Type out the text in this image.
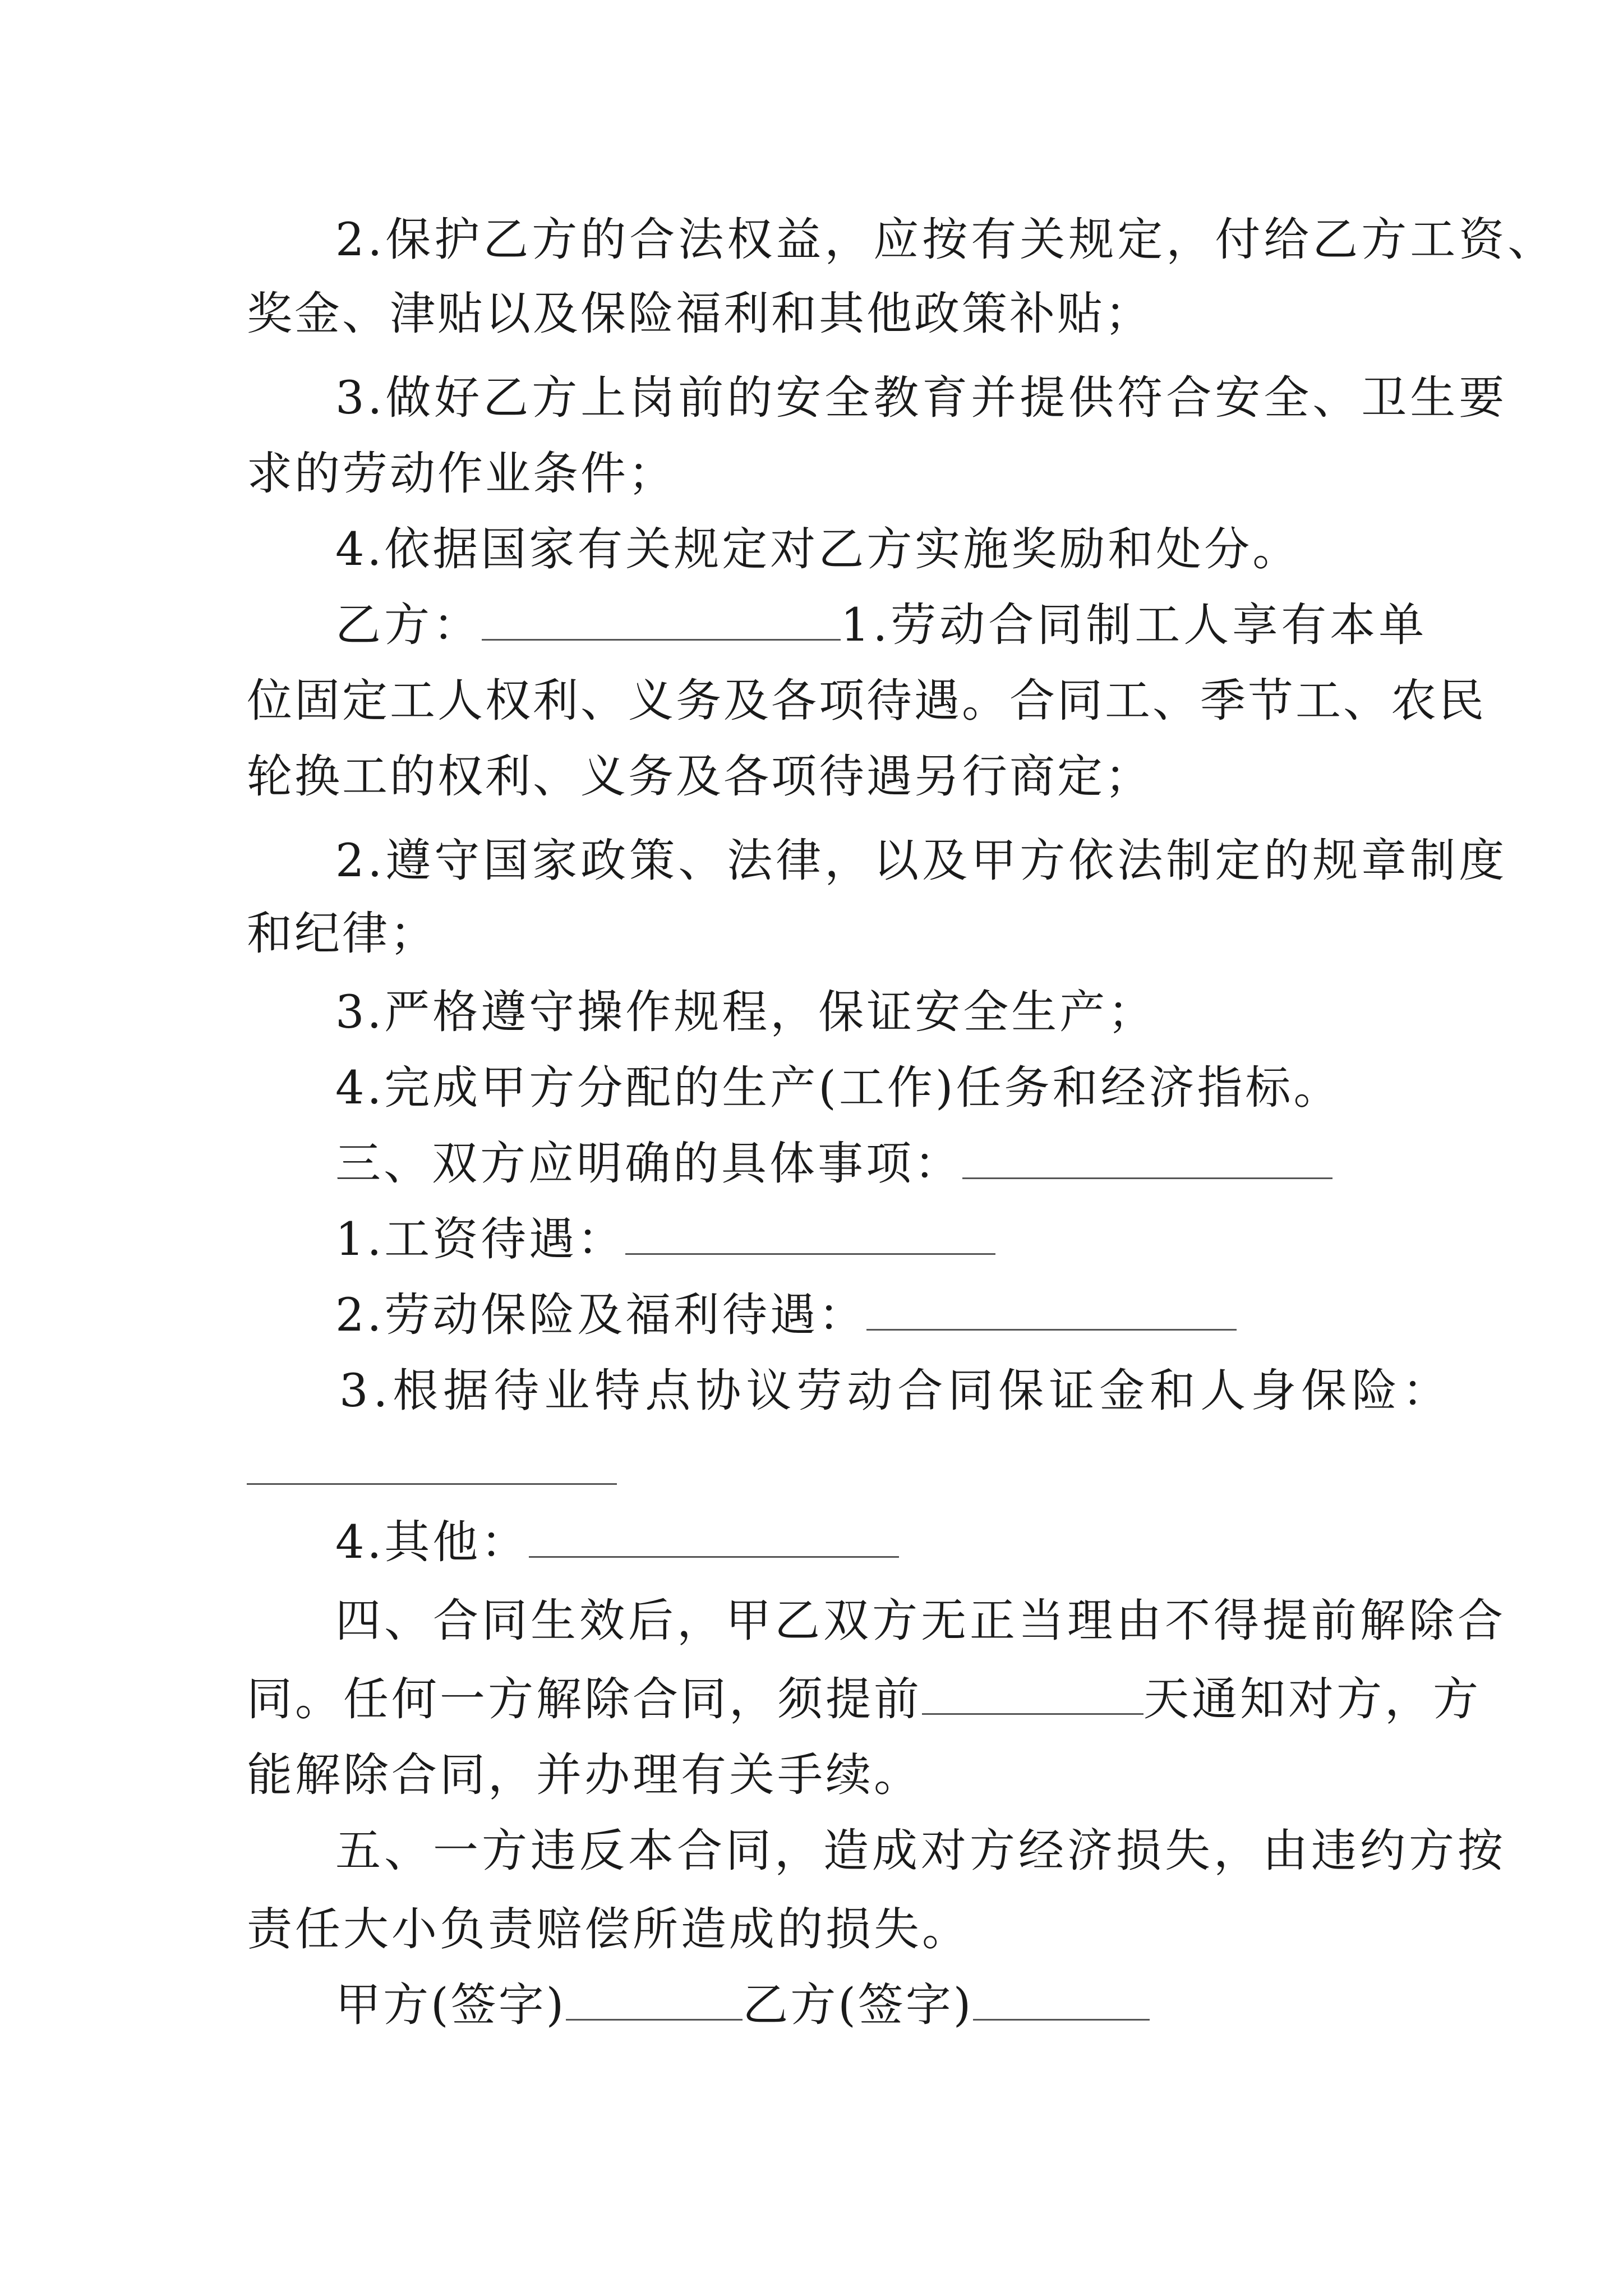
2.保护乙方的合法权益，应按有关规定，付给乙方工资、
奖金、津贴以及保险福利和其他政策补贴；
3.做好乙方上岗前的安全教育并提供符合安全、卫生要
求的劳动作业条件；
4.依据国家有关规定对乙方实施奖励和处分。
乙方：	1.劳动合同制工人享有本单
位固定工人权利、义务及各项待遇。合同工、季节工、农民
轮换工的权利、义务及各项待遇另行商定；
2.遵守国家政策、法律，以及甲方依法制定的规章制度
和纪律；
3.严格遵守操作规程，保证安全生产；
4.完成甲方分配的生产(工作)任务和经济指标。
三、双方应明确的具体事项：
1.工资待遇：
2.劳动保险及福利待遇：
3.根据待业特点协议劳动合同保证金和人身保险：
4.其他：
四、合同生效后，甲乙双方无正当理由不得提前解除合
同。任何一方解除合同，须提前	天通知对方，方
能解除合同，并办理有关手续。
五、一方违反本合同，造成对方经济损失，由违约方按
责任大小负责赔偿所造成的损失。
甲方(签字)	乙方(签字)
